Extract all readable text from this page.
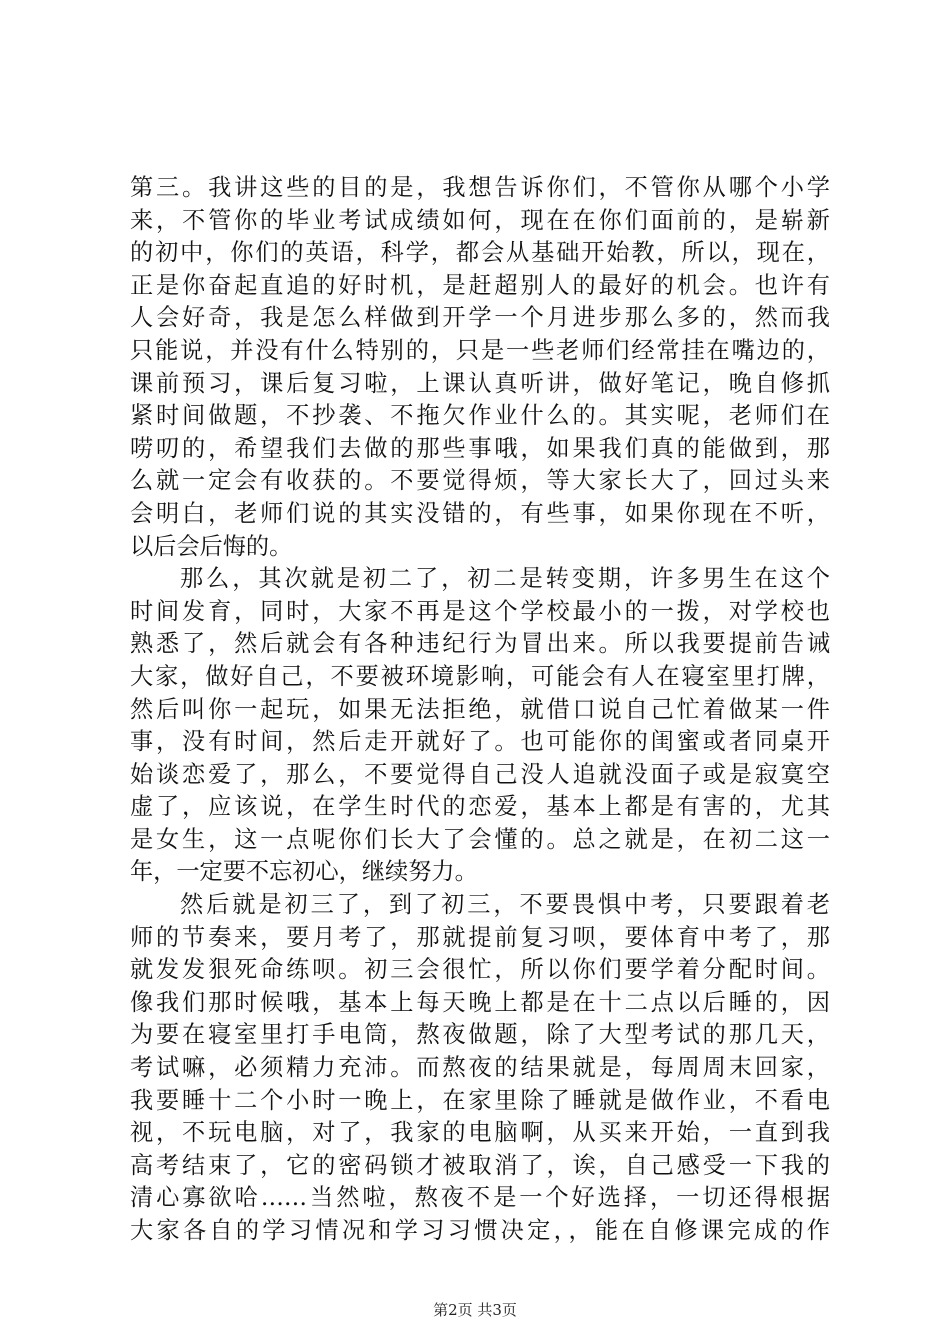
第三。我讲这些的目的是，我想告诉你们，不管你从哪个小学
来，不管你的毕业考试成绩如何，现在在你们面前的，是崭新
的初中，你们的英语，科学，都会从基础开始教，所以，现在，
正是你奋起直追的好时机，是赶超别人的最好的机会。也许有
人会好奇，我是怎么样做到开学一个月进步那么多的，然而我
只能说，并没有什么特别的，只是一些老师们经常挂在嘴边的，
课前预习，课后复习啦，上课认真听讲，做好笔记，晚自修抓
紧时间做题，不抄袭、不拖欠作业什么的。其实呢，老师们在
唠叨的，希望我们去做的那些事哦，如果我们真的能做到，那
么就一定会有收获的。不要觉得烦，等大家长大了，回过头来
会明白，老师们说的其实没错的，有些事，如果你现在不听，
以后会后悔的。
那么，其次就是初二了，初二是转变期，许多男生在这个
时间发育，同时，大家不再是这个学校最小的一拨，对学校也
熟悉了，然后就会有各种违纪行为冒出来。所以我要提前告诫
大家，做好自己，不要被环境影响，可能会有人在寝室里打牌，
然后叫你一起玩，如果无法拒绝，就借口说自己忙着做某一件
事，没有时间，然后走开就好了。也可能你的闺蜜或者同桌开
始谈恋爱了，那么，不要觉得自己没人追就没面子或是寂寞空
虚了，应该说，在学生时代的恋爱，基本上都是有害的，尤其
是女生，这一点呢你们长大了会懂的。总之就是，在初二这一
年，一定要不忘初心，继续努力。
然后就是初三了，到了初三，不要畏惧中考，只要跟着老
师的节奏来，要月考了，那就提前复习呗，要体育中考了，那
就发发狠死命练呗。初三会很忙，所以你们要学着分配时间。
像我们那时候哦，基本上每天晚上都是在十二点以后睡的，因
为要在寝室里打手电筒，熬夜做题，除了大型考试的那几天，
考试嘛，必须精力充沛。而熬夜的结果就是，每周周末回家，
我要睡十二个小时一晚上，在家里除了睡就是做作业，不看电
视，不玩电脑，对了，我家的电脑啊，从买来开始，一直到我
高考结束了，它的密码锁才被取消了，诶，自己感受一下我的
清心寡欲哈……当然啦，熬夜不是一个好选择，一切还得根据
大家各自的学习情况和学习习惯决定，，能在自修课完成的作
第2页 共3页
